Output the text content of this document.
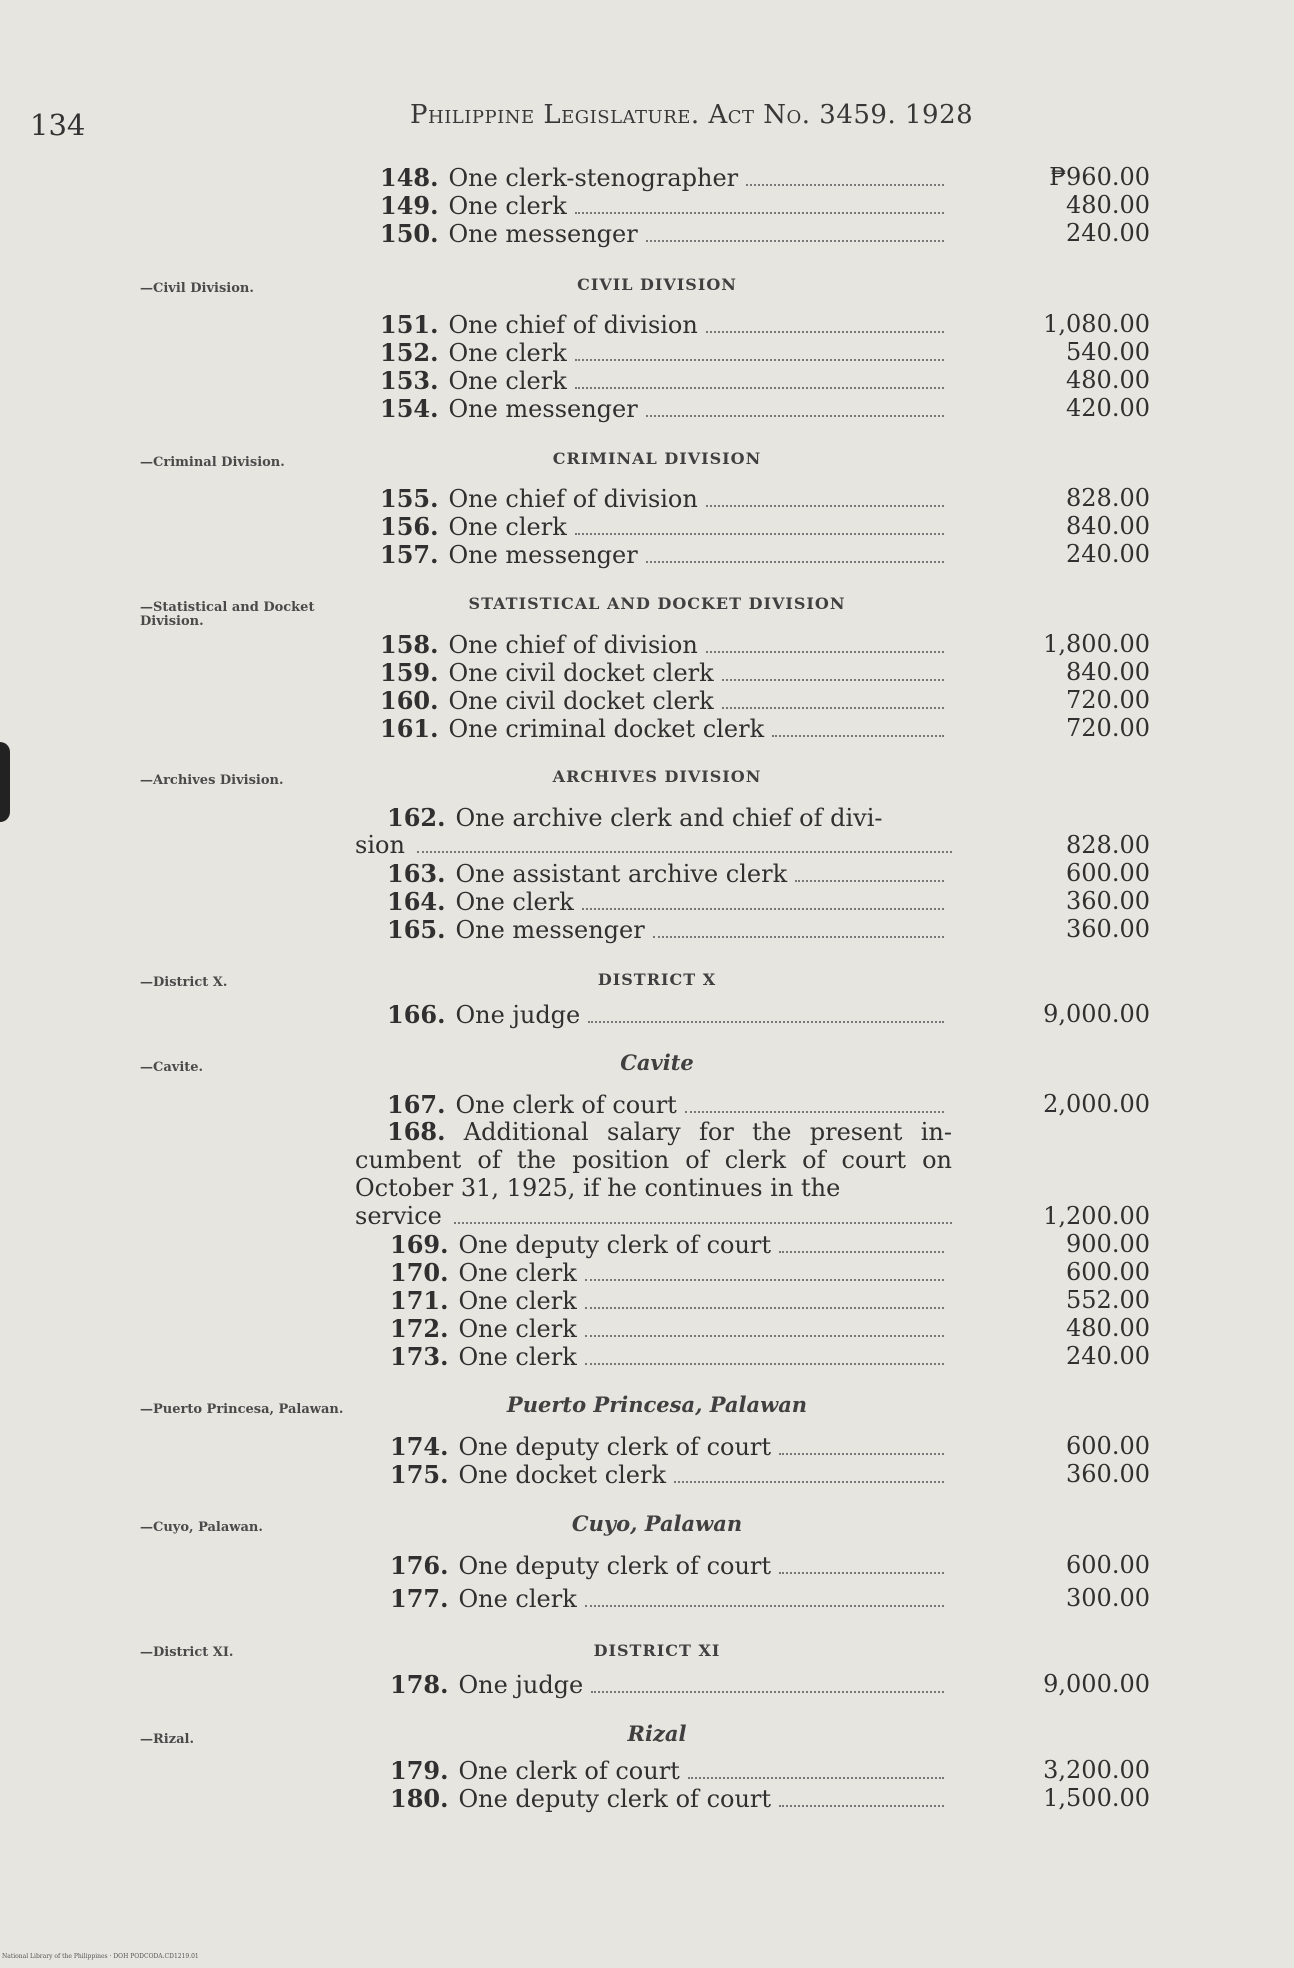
134	Philippine Legislature. Act No. 3459. 1928
148. One clerk-stenographer	₱960.00
149. One clerk	480.00
150. One messenger	240.00
—Civil Division.	CIVIL DIVISION
151. One chief of division	1,080.00
152. One clerk	540.00
153. One clerk	480.00
154. One messenger	420.00
—Criminal Division.	CRIMINAL DIVISION
155. One chief of division	828.00
156. One clerk	840.00
157. One messenger	240.00
—Statistical and Docket Division.
STATISTICAL AND DOCKET DIVISION
158. One chief of division	1,800.00
159. One civil docket clerk	840.00
160. One civil docket clerk	720.00
161. One criminal docket clerk	720.00
—Archives Division.	ARCHIVES DIVISION
162. One archive clerk and chief of divi-
sion	828.00
163. One assistant archive clerk	600.00
164. One clerk	360.00
165. One messenger	360.00
—District X.	DISTRICT X
166. One judge	9,000.00
—Cavite.	Cavite
167. One clerk of court	2,000.00
168. Additional salary for the present in-cumbent of the position of clerk of court on October 31, 1925, if he continues in the
service	1,200.00
169. One deputy clerk of court	900.00
170. One clerk	600.00
171. One clerk	552.00
172. One clerk	480.00
173. One clerk	240.00
—Puerto Princesa, Palawan.	Puerto Princesa, Palawan
174. One deputy clerk of court	600.00
175. One docket clerk	360.00
—Cuyo, Palawan.	Cuyo, Palawan
176. One deputy clerk of court	600.00
177. One clerk	300.00
—District XI.	DISTRICT XI
178. One judge	9,000.00
—Rizal.	Rizal
179. One clerk of court	3,200.00
180. One deputy clerk of court	1,500.00
National Library of the Philippines · DOH PODCODA.CD1219.01
